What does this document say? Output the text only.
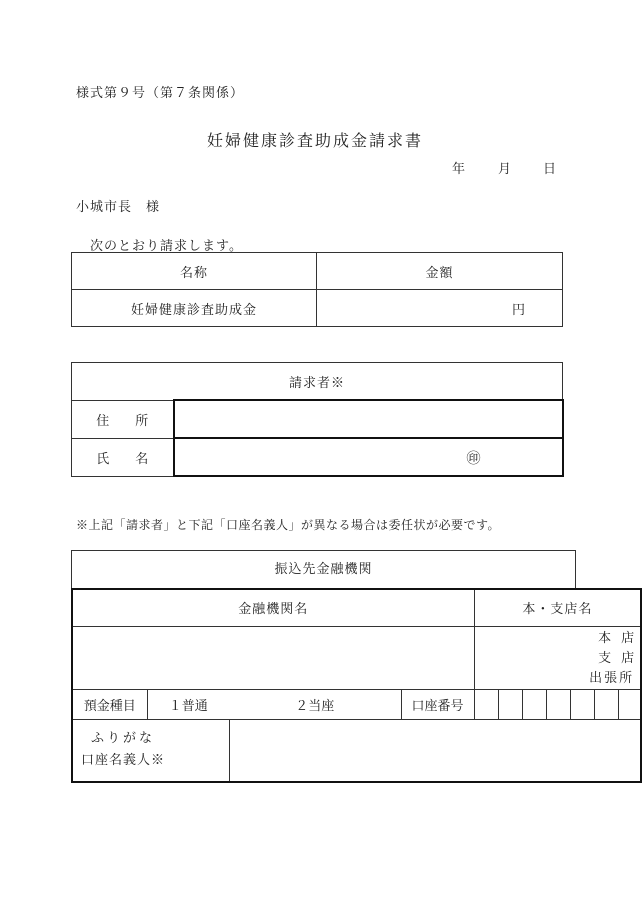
様式第９号（第７条関係）
妊婦健康診査助成金請求書
年	月 日
小城市長　様
次のとおり請求します。
名称	金額
妊婦健康診査助成金	円
請求者※	
住　　所	
氏　　名	㊞
※上記「請求者」と下記「口座名義人」が異なる場合は委任状が必要です。
振込先金融機関
金融機関名				本・支店名						

				本店
支店
出張所						

預金種目	１普通	２当座	口座番号							

ふりがな
口座名義人※										
